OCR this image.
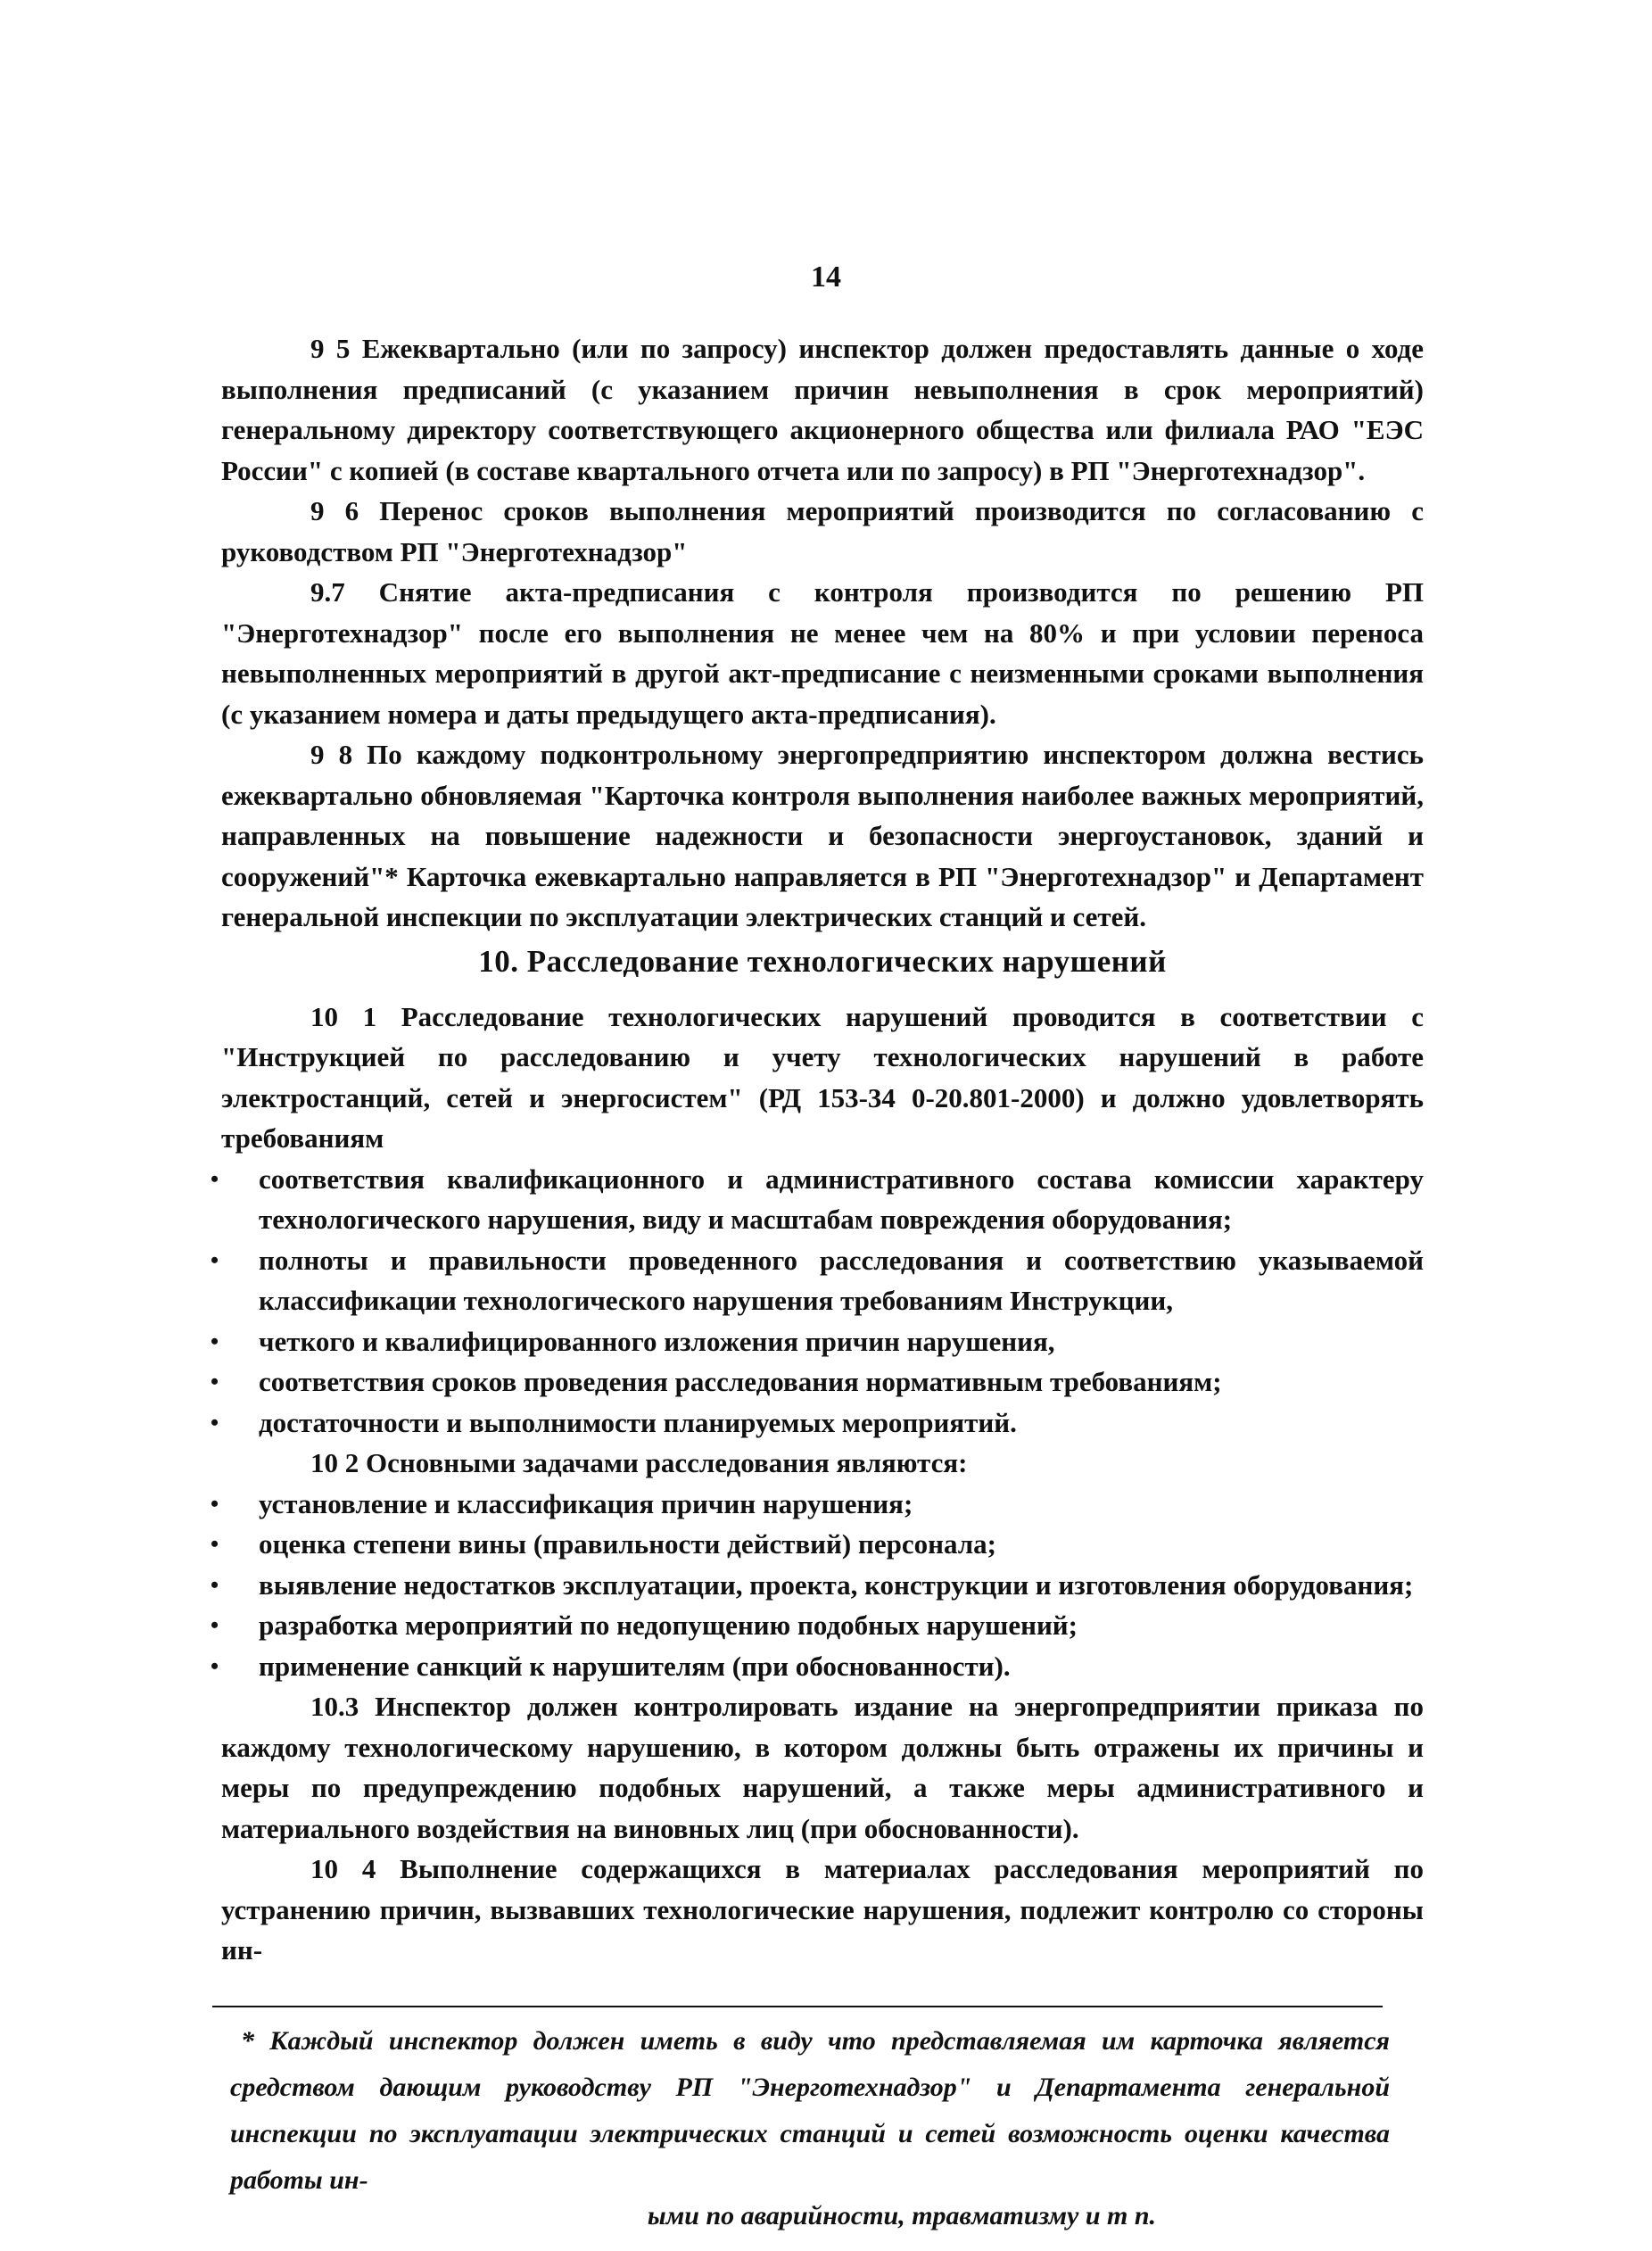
14

9 5 Ежеквартально (или по запросу) инспектор должен предоставлять данные о ходе выполнения предписаний (с указанием причин невыполнения в срок мероприятий) генеральному директору соответствующего акционерного общества или филиала РАО "ЕЭС России" с копией (в составе квартального отчета или по запросу) в РП "Энерготехнадзор".

9 6 Перенос сроков выполнения мероприятий производится по согласованию с руководством РП "Энерготехнадзор"

9.7 Снятие акта-предписания с контроля производится по решению РП "Энерготехнадзор" после его выполнения не менее чем на 80% и при условии переноса невыполненных мероприятий в другой акт-предписание с неизменными сроками выполнения (с указанием номера и даты предыдущего акта-предписания).

9 8 По каждому подконтрольному энергопредприятию инспектором должна вестись ежеквартально обновляемая "Карточка контроля выполнения наиболее важных мероприятий, направленных на повышение надежности и безопасности энергоустановок, зданий и сооружений"* Карточка ежевкартально направляется в РП "Энерготехнадзор" и Департамент генеральной инспекции по эксплуатации электрических станций и сетей.

10. Расследование технологических нарушений

10 1 Расследование технологических нарушений проводится в соответствии с "Инструкцией по расследованию и учету технологических нарушений в работе электростанций, сетей и энергосистем" (РД 153-34 0-20.801-2000) и должно удовлетворять требованиям

• соответствия квалификационного и административного состава комиссии характеру технологического нарушения, виду и масштабам повреждения оборудования;
• полноты и правильности проведенного расследования и соответствию указываемой классификации технологического нарушения требованиям Инструкции,
• четкого и квалифицированного изложения причин нарушения,
• соответствия сроков проведения расследования нормативным требованиям;
• достаточности и выполнимости планируемых мероприятий.

10 2 Основными задачами расследования являются:

• установление и классификация причин нарушения;
• оценка степени вины (правильности действий) персонала;
• выявление недостатков эксплуатации, проекта, конструкции и изготовления оборудования;
• разработка мероприятий по недопущению подобных нарушений;
• применение санкций к нарушителям (при обоснованности).

10.3 Инспектор должен контролировать издание на энергопредприятии приказа по каждому технологическому нарушению, в котором должны быть отражены их причины и меры по предупреждению подобных нарушений, а также меры административного и материального воздействия на виновных лиц (при обоснованности).

10 4 Выполнение содержащихся в материалах расследования мероприятий по устранению причин, вызвавших технологические нарушения, подлежит контролю со стороны ин-

* Каждый инспектор должен иметь в виду что представляемая им карточка является средством дающим руководству РП "Энерготехнадзор" и Департамента генеральной инспекции по эксплуатации электрических станций и сетей возможность оценки качества работы ин-

ыми по аварийности, травматизму и т п.
